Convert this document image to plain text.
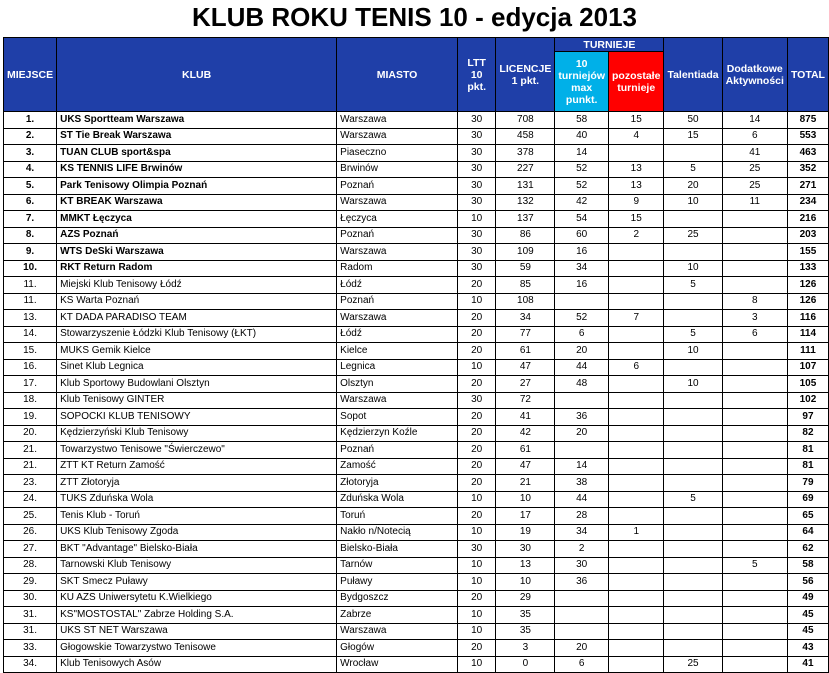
KLUB ROKU TENIS 10 - edycja 2013
MIEJSCE	KLUB	MIASTO	LTT 10 pkt.	LICENCJE 1 pkt.	TURNIEJE		Talentiada	Dodatkowe Aktywności	TOTAL
					10 turniejów max punkt.	pozostałe turnieje			
1.	UKS Sportteam Warszawa	Warszawa	30	708	58	15	50	14	875
2.	ST Tie Break Warszawa	Warszawa	30	458	40	4	15	6	553
3.	TUAN CLUB sport&spa	Piaseczno	30	378	14			41	463
4.	KS TENNIS LIFE Brwinów	Brwinów	30	227	52	13	5	25	352
5.	Park Tenisowy Olimpia Poznań	Poznań	30	131	52	13	20	25	271
6.	KT BREAK Warszawa	Warszawa	30	132	42	9	10	11	234
7.	MMKT Łęczyca	Łęczyca	10	137	54	15			216
8.	AZS Poznań	Poznań	30	86	60	2	25		203
9.	WTS DeSki Warszawa	Warszawa	30	109	16				155
10.	RKT Return Radom	Radom	30	59	34		10		133
11.	Miejski Klub Tenisowy Łódź	Łódź	20	85	16		5		126
11.	KS Warta Poznań	Poznań	10	108				8	126
13.	KT DADA PARADISO TEAM	Warszawa	20	34	52	7		3	116
14.	Stowarzyszenie Łódzki Klub Tenisowy (ŁKT)	Łódź	20	77	6		5	6	114
15.	MUKS Gemik Kielce	Kielce	20	61	20		10		111
16.	Sinet Klub Legnica	Legnica	10	47	44	6			107
17.	Klub Sportowy Budowlani Olsztyn	Olsztyn	20	27	48		10		105
18.	Klub Tenisowy GINTER	Warszawa	30	72					102
19.	SOPOCKI KLUB TENISOWY	Sopot	20	41	36				97
20.	Kędzierzyński Klub Tenisowy	Kędzierzyn Koźle	20	42	20				82
21.	Towarzystwo Tenisowe "Świerczewo"	Poznań	20	61					81
21.	ZTT KT Return Zamość	Zamość	20	47	14				81
23.	ZTT Złotoryja	Złotoryja	20	21	38				79
24.	TUKS Zduńska Wola	Zduńska Wola	10	10	44		5		69
25.	Tenis Klub - Toruń	Toruń	20	17	28				65
26.	UKS Klub Tenisowy Zgoda	Nakło n/Notecią	10	19	34	1			64
27.	BKT "Advantage" Bielsko-Biała	Bielsko-Biała	30	30	2				62
28.	Tarnowski Klub Tenisowy	Tarnów	10	13	30			5	58
29.	SKT Smecz Puławy	Puławy	10	10	36				56
30.	KU AZS Uniwersytetu K.Wielkiego	Bydgoszcz	20	29					49
31.	KS"MOSTOSTAL" Zabrze Holding S.A.	Zabrze	10	35					45
31.	UKS ST NET Warszawa	Warszawa	10	35					45
33.	Głogowskie Towarzystwo Tenisowe	Głogów	20	3	20				43
34.	Klub Tenisowych Asów	Wrocław	10	0	6		25		41
